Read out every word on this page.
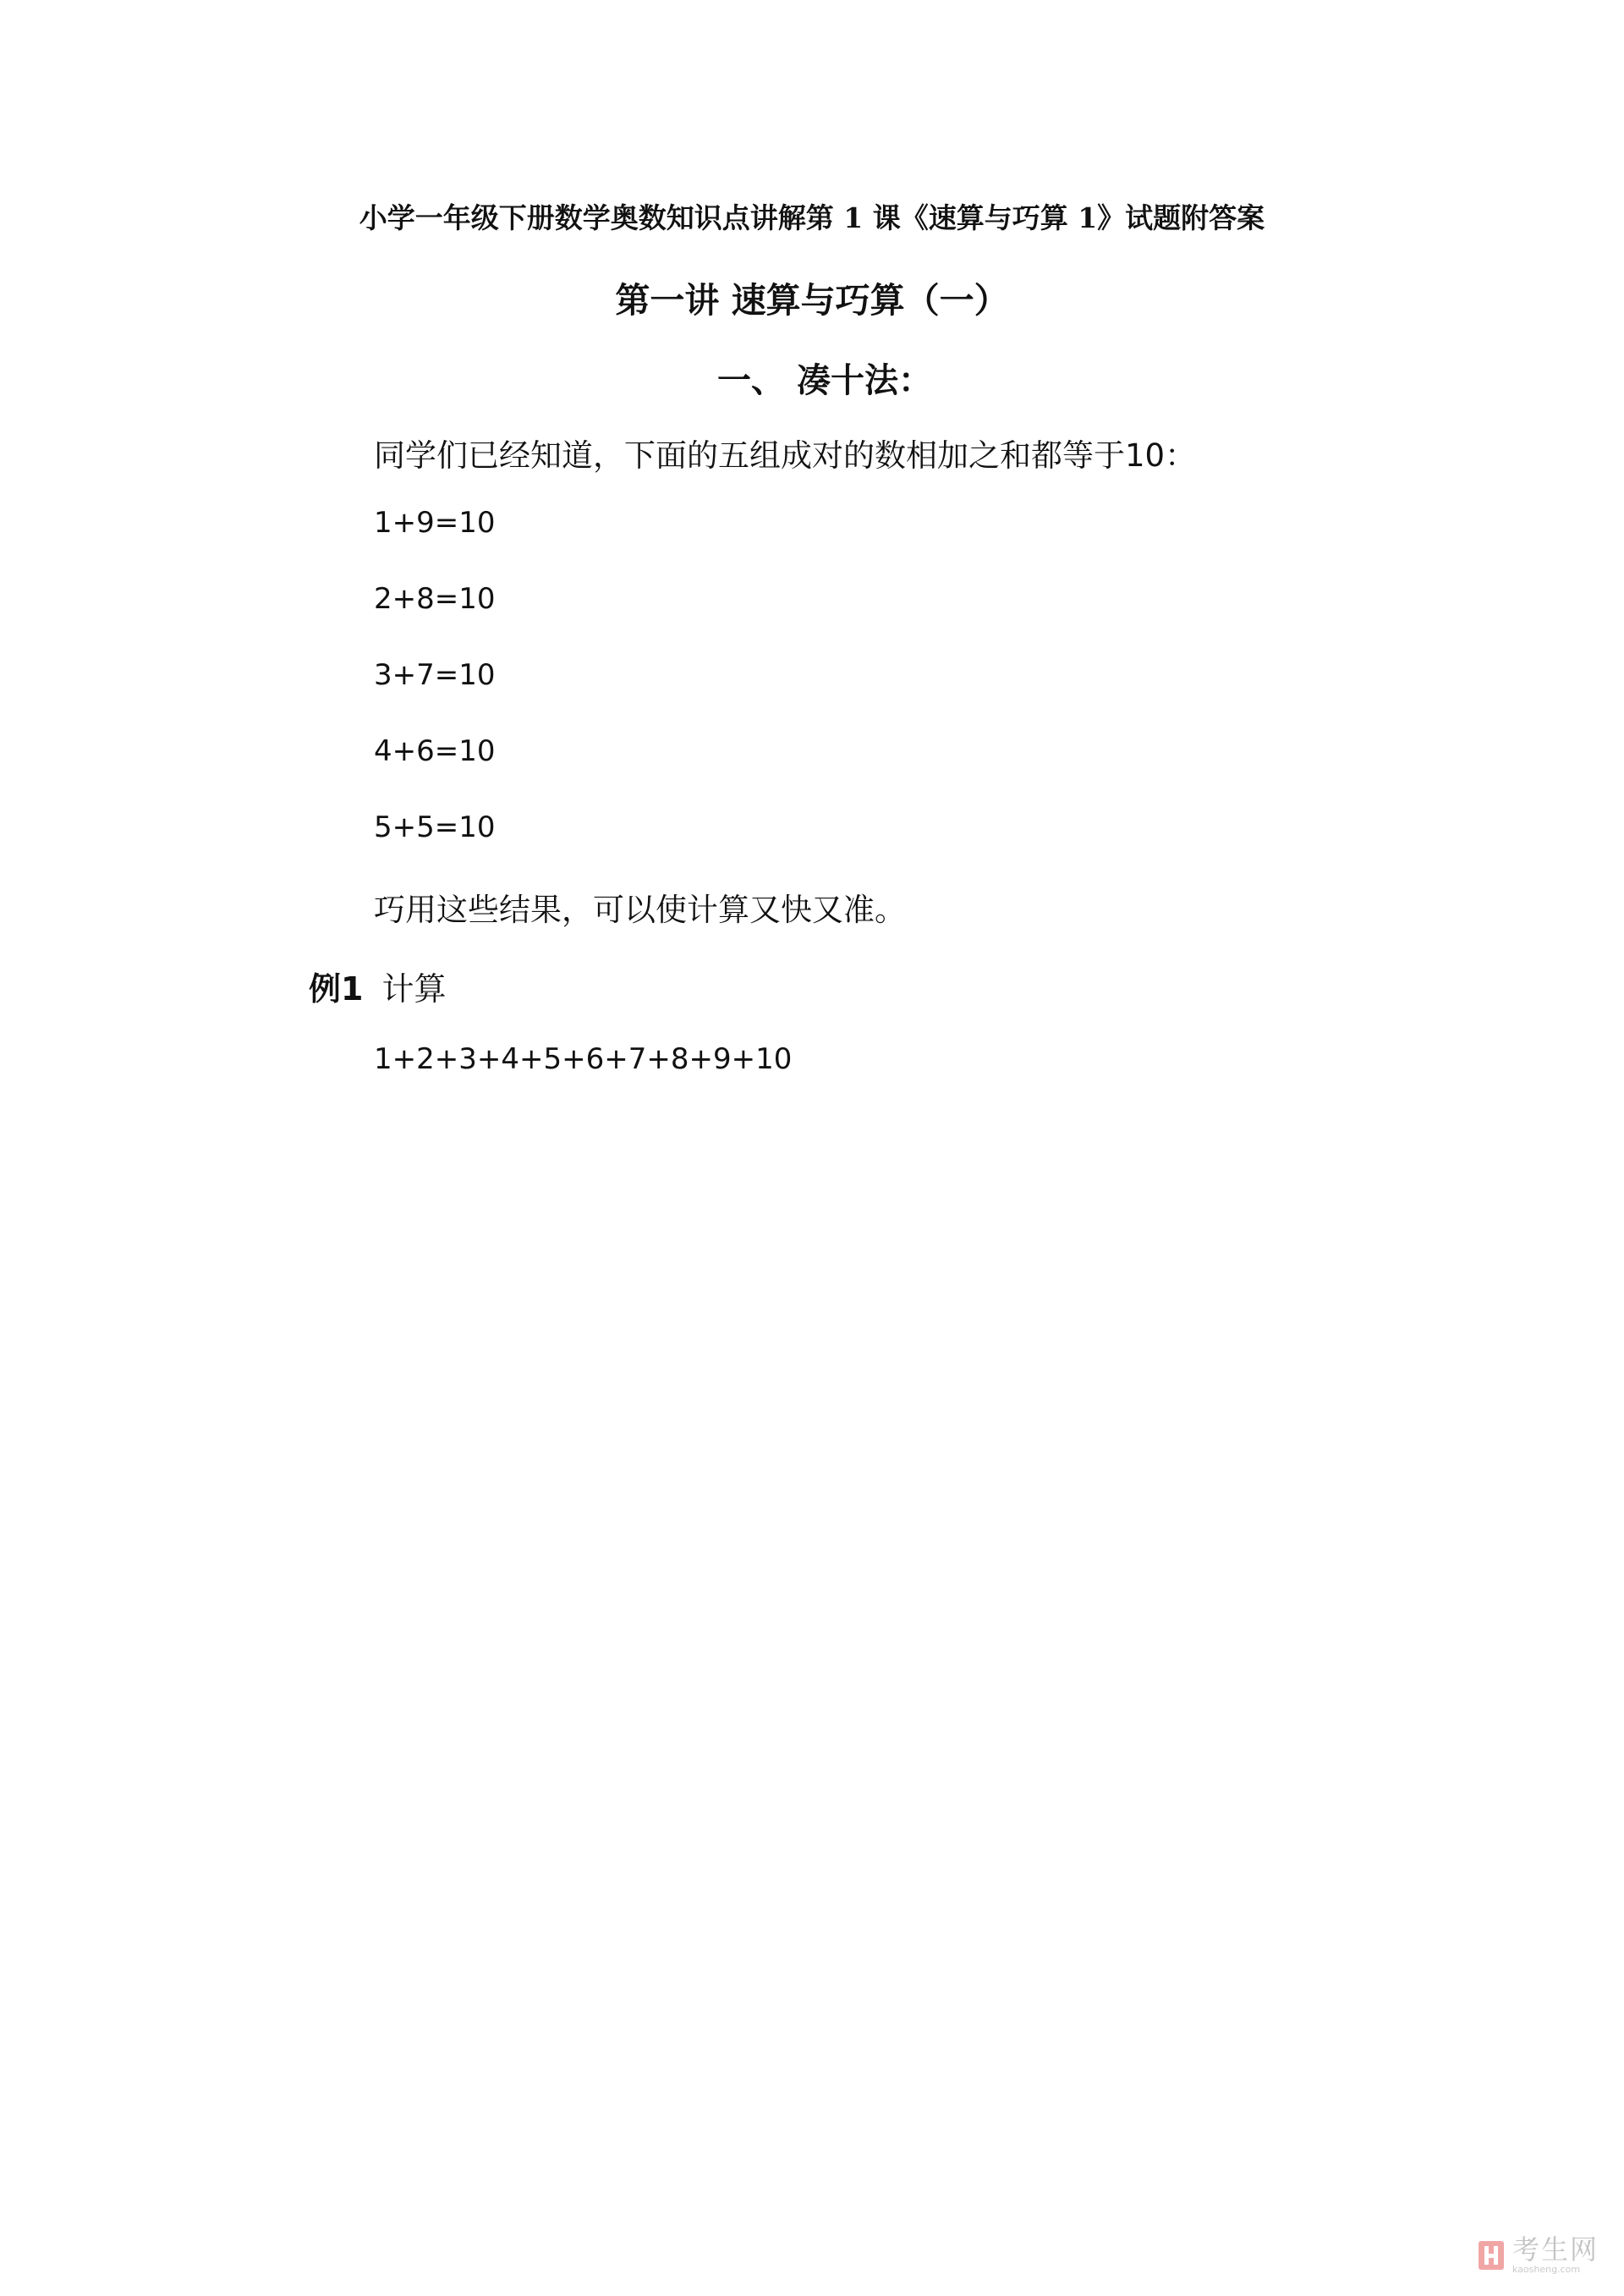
小学一年级下册数学奥数知识点讲解第 1 课《速算与巧算 1》试题附答案
第一讲 速算与巧算（一）
一、 凑十法：
同学们已经知道，下面的五组成对的数相加之和都等于10：
1+9=10
2+8=10
3+7=10
4+6=10
5+5=10
巧用这些结果，可以使计算又快又准。
例1 计算
1+2+3+4+5+6+7+8+9+10
考生网
kaosheng.com
